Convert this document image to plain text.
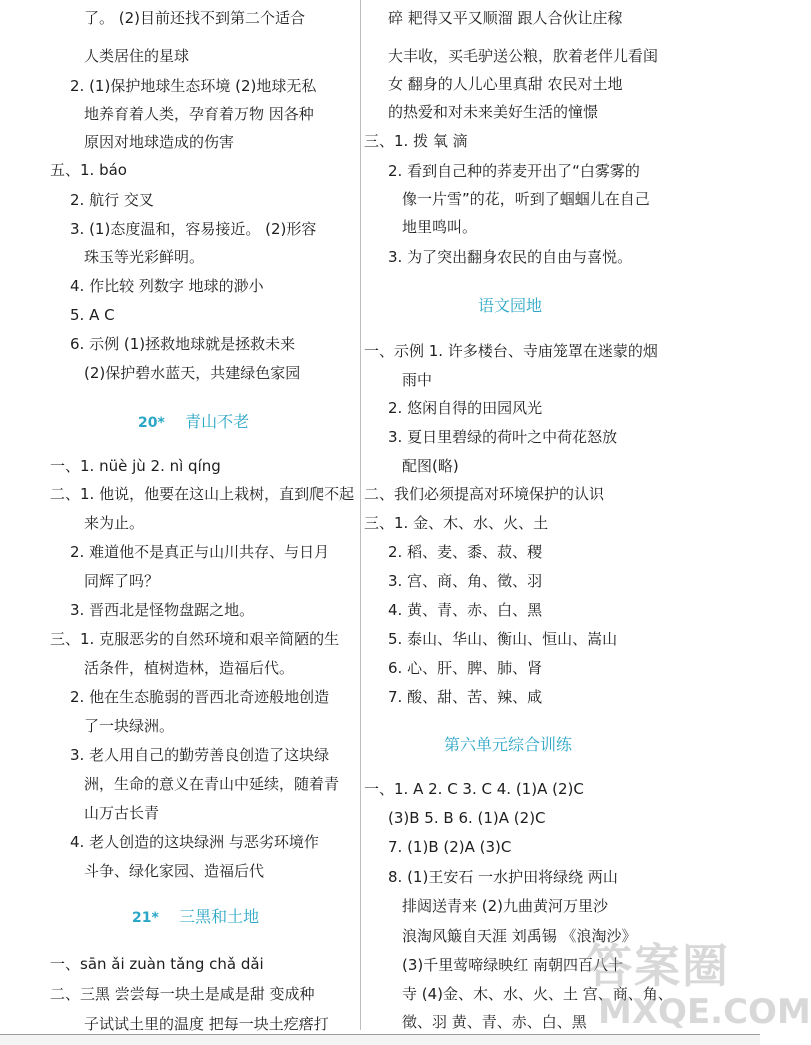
了。 (2)目前还找不到第二个适合
人类居住的星球
2. (1)保护地球生态环境 (2)地球无私
地养育着人类，孕育着万物 因各种
原因对地球造成的伤害
五、1. báo
2. 航行 交叉
3. (1)态度温和，容易接近。 (2)形容
珠玉等光彩鲜明。
4. 作比较 列数字 地球的渺小
5. A C
6. 示例 (1)拯救地球就是拯救未来
(2)保护碧水蓝天，共建绿色家园
20* 青山不老
一、1. nüè jù 2. nì qíng
二、1. 他说，他要在这山上栽树，直到爬不起
来为止。
2. 难道他不是真正与山川共存、与日月
同辉了吗？
3. 晋西北是怪物盘踞之地。
三、1. 克服恶劣的自然环境和艰辛简陋的生
活条件，植树造林，造福后代。
2. 他在生态脆弱的晋西北奇迹般地创造
了一块绿洲。
3. 老人用自己的勤劳善良创造了这块绿
洲，生命的意义在青山中延续，随着青
山万古长青
4. 老人创造的这块绿洲 与恶劣环境作
斗争、绿化家园、造福后代
21* 三黑和土地
一、sān ǎi zuàn tǎng chǎ dǎi
二、三黑 尝尝每一块土是咸是甜 变成种
子试试土里的温度 把每一块土疙瘩打
碎 耙得又平又顺溜 跟人合伙让庄稼
大丰收，买毛驴送公粮，肷着老伴儿看闺
女 翻身的人儿心里真甜 农民对土地
的热爱和对未来美好生活的憧憬
三、1. 拨 氧 滴
2. 看到自己种的荞麦开出了“白雾雾的
像一片雪”的花，听到了蝈蝈儿在自己
地里鸣叫。
3. 为了突出翻身农民的自由与喜悦。
语文园地
一、示例 1. 许多楼台、寺庙笼罩在迷蒙的烟
雨中
2. 悠闲自得的田园风光
3. 夏日里碧绿的荷叶之中荷花怒放
配图(略)
二、我们必须提高对环境保护的认识
三、1. 金、木、水、火、土
2. 稻、麦、黍、菽、稷
3. 宫、商、角、徵、羽
4. 黄、青、赤、白、黑
5. 泰山、华山、衡山、恒山、嵩山
6. 心、肝、脾、肺、肾
7. 酸、甜、苦、辣、咸
第六单元综合训练
一、1. A 2. C 3. C 4. (1)A (2)C
(3)B 5. B 6. (1)A (2)C
7. (1)B (2)A (3)C
8. (1)王安石 一水护田将绿绕 两山
排闼送青来 (2)九曲黄河万里沙
浪淘风簸自天涯 刘禹锡 《浪淘沙》
(3)千里莺啼绿映红 南朝四百八十
寺 (4)金、木、水、火、土 宫、商、角、
徵、羽 黄、青、赤、白、黑
答案圈
MXQE.COM
